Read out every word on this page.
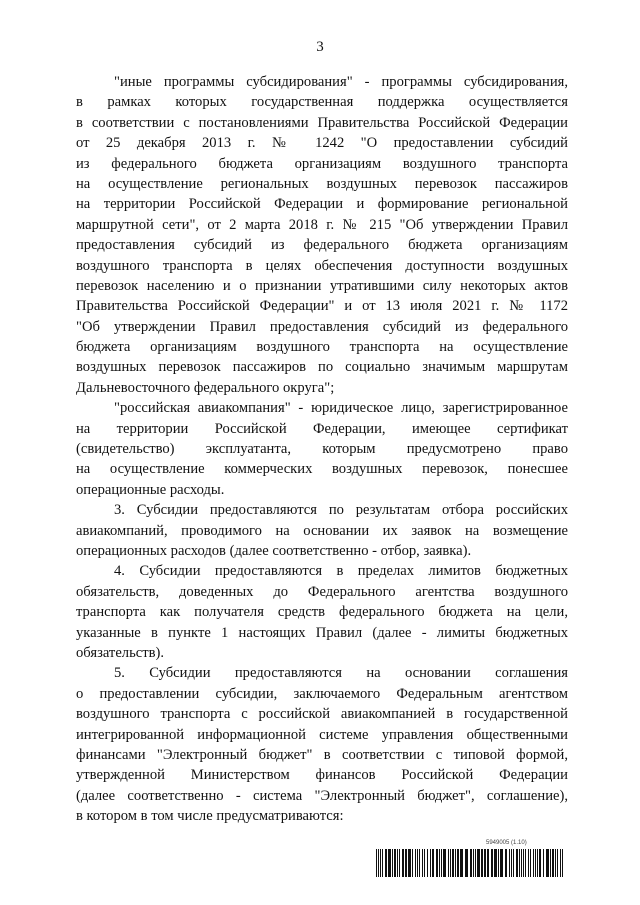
3
"иные программы субсидирования" - программы субсидирования,
в рамках которых государственная поддержка осуществляется
в соответствии с постановлениями Правительства Российской Федерации
от 25 декабря 2013 г. № 1242 "О предоставлении субсидий
из федерального бюджета организациям воздушного транспорта
на осуществление региональных воздушных перевозок пассажиров
на территории Российской Федерации и формирование региональной
маршрутной сети", от 2 марта 2018 г. № 215 "Об утверждении Правил
предоставления субсидий из федерального бюджета организациям
воздушного транспорта в целях обеспечения доступности воздушных
перевозок населению и о признании утратившими силу некоторых актов
Правительства Российской Федерации" и от 13 июля 2021 г. № 1172
"Об утверждении Правил предоставления субсидий из федерального
бюджета организациям воздушного транспорта на осуществление
воздушных перевозок пассажиров по социально значимым маршрутам
Дальневосточного федерального округа";
"российская авиакомпания" - юридическое лицо, зарегистрированное
на территории Российской Федерации, имеющее сертификат
(свидетельство) эксплуатанта, которым предусмотрено право
на осуществление коммерческих воздушных перевозок, понесшее
операционные расходы.
3. Субсидии предоставляются по результатам отбора российских
авиакомпаний, проводимого на основании их заявок на возмещение
операционных расходов (далее соответственно - отбор, заявка).
4. Субсидии предоставляются в пределах лимитов бюджетных
обязательств, доведенных до Федерального агентства воздушного
транспорта как получателя средств федерального бюджета на цели,
указанные в пункте 1 настоящих Правил (далее - лимиты бюджетных
обязательств).
5. Субсидии предоставляются на основании соглашения
о предоставлении субсидии, заключаемого Федеральным агентством
воздушного транспорта с российской авиакомпанией в государственной
интегрированной информационной системе управления общественными
финансами "Электронный бюджет" в соответствии с типовой формой,
утвержденной Министерством финансов Российской Федерации
(далее соответственно - система "Электронный бюджет", соглашение),
в котором в том числе предусматриваются:
5949005 (1.10)
